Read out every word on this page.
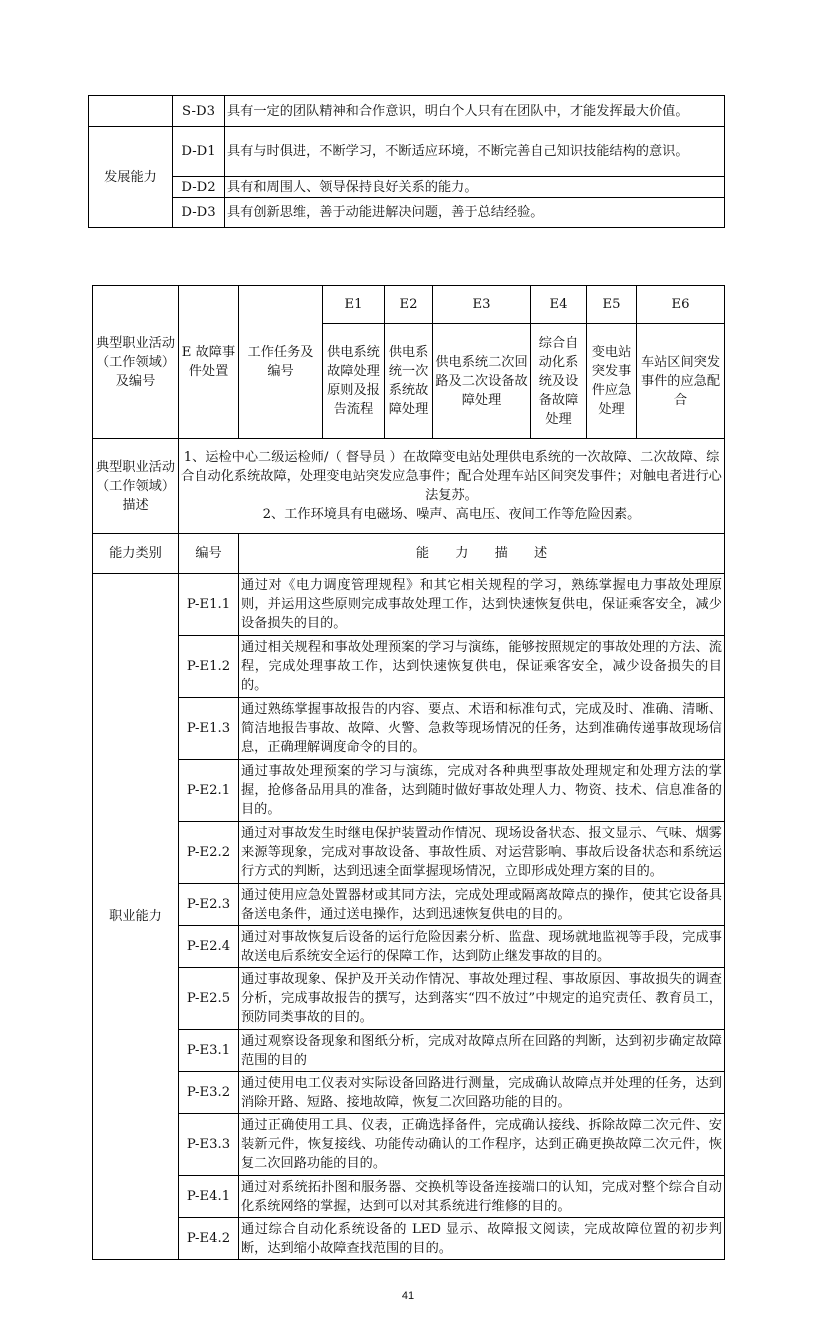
	S-D3	具有一定的团队精神和合作意识，明白个人只有在团队中，才能发挥最大价值。
发展能力	D-D1	具有与时俱进，不断学习，不断适应环境，不断完善自己知识技能结构的意识。
	D-D2	具有和周围人、领导保持良好关系的能力。
	D-D3	具有创新思维，善于动能进解决问题，善于总结经验。
典型职业活动（工作领域）及编号	E 故障事件处置	工作任务及编号	E1	E2	E3	E4	E5	E6	
			供电系统故障处理原则及报告流程	供电系统一次系统故障处理	供电系统二次回路及二次设备故障处理	综合自动化系统及设备故障处理	变电站突发事件应急处理	车站区间突发事件的应急配合	
典型职业活动（工作领域）描述	1、运检中心二级运检师/（ 督导员 ）在故障变电站处理供电系统的一次故障、二次故障、综合自动化系统故障，处理变电站突发应急事件；配合处理车站区间突发事件；对触电者进行心法复苏。
2、工作环境具有电磁场、噪声、高电压、夜间工作等危险因素。								

能力类别	编号	能 力 描 述							
职业能力	P-E1.1	通过对《电力调度管理规程》和其它相关规程的学习，熟练掌握电力事故处理原则，并运用这些原则完成事故处理工作，达到快速恢复供电，保证乘客安全，减少设备损失的目的。							
	P-E1.2	通过相关规程和事故处理预案的学习与演练，能够按照规定的事故处理的方法、流程，完成处理事故工作，达到快速恢复供电，保证乘客安全，减少设备损失的目的。							
	P-E1.3	通过熟练掌握事故报告的内容、要点、术语和标准句式，完成及时、准确、清晰、简洁地报告事故、故障、火警、急救等现场情况的任务，达到准确传递事故现场信息，正确理解调度命令的目的。							
	P-E2.1	通过事故处理预案的学习与演练，完成对各种典型事故处理规定和处理方法的掌握，抢修备品用具的准备，达到随时做好事故处理人力、物资、技术、信息准备的目的。							
	P-E2.2	通过对事故发生时继电保护装置动作情况、现场设备状态、报文显示、气味、烟雾来源等现象，完成对事故设备、事故性质、对运营影响、事故后设备状态和系统运行方式的判断，达到迅速全面掌握现场情况，立即形成处理方案的目的。							
	P-E2.3	通过使用应急处置器材或其同方法，完成处理或隔离故障点的操作，使其它设备具备送电条件，通过送电操作，达到迅速恢复供电的目的。							
	P-E2.4	通过对事故恢复后设备的运行危险因素分析、监盘、现场就地监视等手段，完成事故送电后系统安全运行的保障工作，达到防止继发事故的目的。							
	P-E2.5	通过事故现象、保护及开关动作情况、事故处理过程、事故原因、事故损失的调查分析，完成事故报告的撰写，达到落实“四不放过”中规定的追究责任、教育员工，预防同类事故的目的。							
	P-E3.1	通过观察设备现象和图纸分析，完成对故障点所在回路的判断，达到初步确定故障范围的目的							
	P-E3.2	通过使用电工仪表对实际设备回路进行测量，完成确认故障点并处理的任务，达到消除开路、短路、接地故障，恢复二次回路功能的目的。							
	P-E3.3	通过正确使用工具、仪表，正确选择备件，完成确认接线、拆除故障二次元件、安装新元件，恢复接线、功能传动确认的工作程序，达到正确更换故障二次元件，恢复二次回路功能的目的。							
	P-E4.1	通过对系统拓扑图和服务器、交换机等设备连接端口的认知，完成对整个综合自动化系统网络的掌握，达到可以对其系统进行维修的目的。							
	P-E4.2	通过综合自动化系统设备的 LED 显示、故障报文阅读，完成故障位置的初步判断，达到缩小故障查找范围的目的。							
41
